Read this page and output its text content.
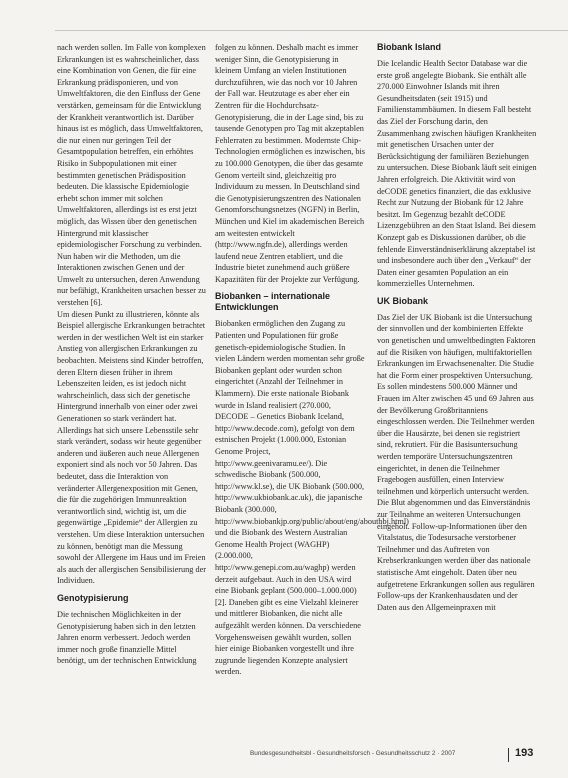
nach werden sollen. Im Falle von komplexen Erkrankungen ist es wahrscheinlicher, dass eine Kombination von Genen, die für eine Erkrankung prädisponieren, und von Umweltfaktoren, die den Einfluss der Gene verstärken, gemeinsam für die Entwicklung der Krankheit verantwortlich ist. Darüber hinaus ist es möglich, dass Umweltfaktoren, die nur einen nur geringen Teil der Gesamtpopulation betreffen, ein erhöhtes Risiko in Subpopulationen mit einer bestimmten genetischen Prädisposition bedeuten. Die klassische Epidemiologie erhebt schon immer mit solchen Umweltfaktoren, allerdings ist es erst jetzt möglich, das Wissen über den genetischen Hintergrund mit klassischer epidemiologischer Forschung zu verbinden. Nun haben wir die Methoden, um die Interaktionen zwischen Genen und der Umwelt zu untersuchen, deren Anwendung nur befähigt, Krankheiten ursachen besser zu verstehen [6].

Um diesen Punkt zu illustrieren, könnte als Beispiel allergische Erkrankungen betrachtet werden in der westlichen Welt ist ein starker Anstieg von allergischen Erkrankungen zu beobachten. Meistens sind Kinder betroffen, deren Eltern diesen früher in ihrem Lebenszeiten leiden, es ist jedoch nicht wahrscheinlich, dass sich der genetische Hintergrund innerhalb von einer oder zwei Generationen so stark verändert hat. Allerdings hat sich unsere Lebensstile sehr stark verändert, sodass wir heute gegenüber anderen und äußeren auch neue Allergenen exponiert sind als noch vor 50 Jahren. Das bedeutet, dass die Interaktion von veränderter Allergenexposition mit Genen, die für die zugehörigen Immunreaktion verantwortlich sind, wichtig ist, um die gegenwärtige „Epidemie“ der Allergien zu verstehen. Um diese Interaktion untersuchen zu können, benötigt man die Messung sowohl der Allergene im Haus und im Freien als auch der allergischen Sensibilisierung der Individuen.

Genotypisierung

Die technischen Möglichkeiten in der Genotypisierung haben sich in den letzten Jahren enorm verbessert. Jedoch werden immer noch große finanzielle Mittel benötigt, um der technischen Entwicklung

folgen zu können. Deshalb macht es immer weniger Sinn, die Genotypisierung in kleinem Umfang an vielen Institutionen durchzuführen, wie das noch vor 10 Jahren der Fall war. Heutzutage es aber eher ein Zentren für die Hochdurchsatz-Genotypisierung, die in der Lage sind, bis zu tausende Genotypen pro Tag mit akzeptablen Fehlerraten zu bestimmen. Modernste Chip-Technologien ermöglichen es inzwischen, bis zu 100.000 Genotypen, die über das gesamte Genom verteilt sind, gleichzeitig pro Individuum zu messen. In Deutschland sind die Genotypisierungszentren des Nationalen Genomforschungsnetzes (NGFN) in Berlin, München und Kiel im akademischen Bereich am weitesten entwickelt (http://www.ngfn.de), allerdings werden laufend neue Zentren etabliert, und die Industrie bietet zunehmend auch größere Kapazitäten für der Projekte zur Verfügung.

Biobanken – internationale Entwicklungen

Biobanken ermöglichen den Zugang zu Patienten und Populationen für große genetisch-epidemiologische Studien. In vielen Ländern werden momentan sehr große Biobanken geplant oder wurden schon eingerichtet (Anzahl der Teilnehmer in Klammern). Die erste nationale Biobank wurde in Island realisiert (270.000, DECODE – Genetics Biobank Iceland, http://www.decode.com), gefolgt von dem estnischen Projekt (1.000.000, Estonian Genome Project, http://www.geenivaramu.ee/). Die schwedische Biobank (500.000, http://www.kl.se), die UK Biobank (500.000, http://www.ukbiobank.ac.uk), die japanische Biobank (300.000, http://www.biobankjp.org/public/about/eng/aboutbbj.html) und die Biobank des Western Australian Genome Health Project (WAGHP) (2.000.000, http://www.genepi.com.au/waghp) werden derzeit aufgebaut. Auch in den USA wird eine Biobank geplant (500.000–1.000.000) [2]. Daneben gibt es eine Vielzahl kleinerer und mittlerer Biobanken, die nicht alle aufgezählt werden können. Da verschiedene Vorgehensweisen gewählt wurden, sollen hier einige Biobanken vorgestellt und ihre zugrunde liegenden Konzepte analysiert werden.

Biobank Island

Die Icelandic Health Sector Database war die erste groß angelegte Biobank. Sie enthält alle 270.000 Einwohner Islands mit ihren Gesundheitsdaten (seit 1915) und Familienstammbäumen. In diesem Fall besteht das Ziel der Forschung darin, den Zusammenhang zwischen häufigen Krankheiten mit genetischen Ursachen unter der Berücksichtigung der familiären Beziehungen zu untersuchen. Diese Biobank läuft seit einigen Jahren erfolgreich. Die Aktivität wird von deCODE genetics finanziert, die das exklusive Recht zur Nutzung der Biobank für 12 Jahre besitzt. Im Gegenzug bezahlt deCODE Lizenzgebühren an den Staat Island. Bei diesem Konzept gab es Diskussionen darüber, ob die fehlende Einverständniserklärung akzeptabel ist und insbesondere auch über den „Verkauf“ der Daten einer gesamten Population an ein kommerzielles Unternehmen.

UK Biobank

Das Ziel der UK Biobank ist die Untersuchung der sinnvollen und der kombinierten Effekte von genetischen und umweltbedingten Faktoren auf die Risiken von häufigen, multifaktoriellen Erkrankungen im Erwachsenenalter. Die Studie hat die Form einer prospektiven Untersuchung. Es sollen mindestens 500.000 Männer und Frauen im Alter zwischen 45 und 69 Jahren aus der Bevölkerung Großbritanniens eingeschlossen werden. Die Teilnehmer werden über die Hausärzte, bei denen sie registriert sind, rekrutiert. Für die Basisuntersuchung werden temporäre Untersuchungszentren eingerichtet, in denen die Teilnehmer Fragebogen ausfüllen, einen Interview teilnehmen und körperlich untersucht werden. Die Blut abgenommen und das Einverständnis zur Teilnahme an weiteren Untersuchungen eingeholt. Follow-up-Informationen über den Vitalstatus, die Todesursache verstorbener Teilnehmer und das Auftreten von Krebserkrankungen werden über das nationale statistische Amt eingeholt. Daten über neu aufgetretene Erkrankungen sollen aus regulären Follow-ups der Krankenhausdaten und der Daten aus den Allgemeinpraxen mit

Bundesgesundheitsbl - Gesundheitsforsch - Gesundheitsschutz 2 · 2007	193
